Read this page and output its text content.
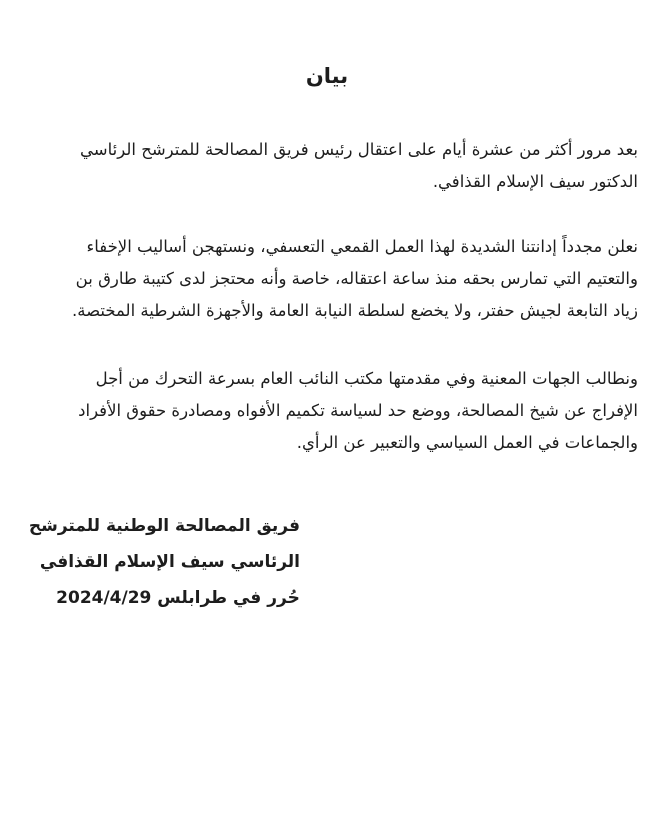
بيان

بعد مرور أكثر من عشرة أيام على اعتقال رئيس فريق المصالحة للمترشح الرئاسي الدكتور سيف الإسلام القذافي.

نعلن مجدداً إدانتنا الشديدة لهذا العمل القمعي التعسفي، ونستهجن أساليب الإخفاء والتعتيم التي تمارس بحقه منذ ساعة اعتقاله، خاصة وأنه محتجز لدى كتيبة طارق بن زياد التابعة لجيش حفتر، ولا يخضع لسلطة النيابة العامة والأجهزة الشرطية المختصة.

ونطالب الجهات المعنية وفي مقدمتها مكتب النائب العام بسرعة التحرك من أجل الإفراج عن شيخ المصالحة، ووضع حد لسياسة تكميم الأفواه ومصادرة حقوق الأفراد والجماعات في العمل السياسي والتعبير عن الرأي.

فريق المصالحة الوطنية للمترشح
الرئاسي سيف الإسلام القذافي
حُرر في طرابلس 2024/4/29
